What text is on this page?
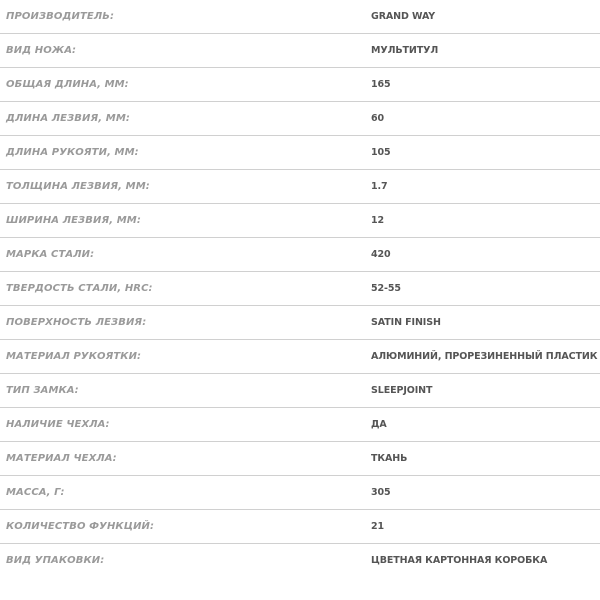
ПРОИЗВОДИТЕЛЬ:	GRAND WAY
ВИД НОЖА:	МУЛЬТИТУЛ
ОБЩАЯ ДЛИНА, ММ:	165
ДЛИНА ЛЕЗВИЯ, ММ:	60
ДЛИНА РУКОЯТИ, ММ:	105
ТОЛЩИНА ЛЕЗВИЯ, ММ:	1.7
ШИРИНА ЛЕЗВИЯ, ММ:	12
МАРКА СТАЛИ:	420
ТВЕРДОСТЬ СТАЛИ, HRC:	52-55
ПОВЕРХНОСТЬ ЛЕЗВИЯ:	SATIN FINISH
МАТЕРИАЛ РУКОЯТКИ:	АЛЮМИНИЙ, ПРОРЕЗИНЕННЫЙ ПЛАСТИК
ТИП ЗАМКА:	SLEEPJOINT
НАЛИЧИЕ ЧЕХЛА:	ДА
МАТЕРИАЛ ЧЕХЛА:	ТКАНЬ
МАССА, Г:	305
КОЛИЧЕСТВО ФУНКЦИЙ:	21
ВИД УПАКОВКИ:	ЦВЕТНАЯ КАРТОННАЯ КОРОБКА
